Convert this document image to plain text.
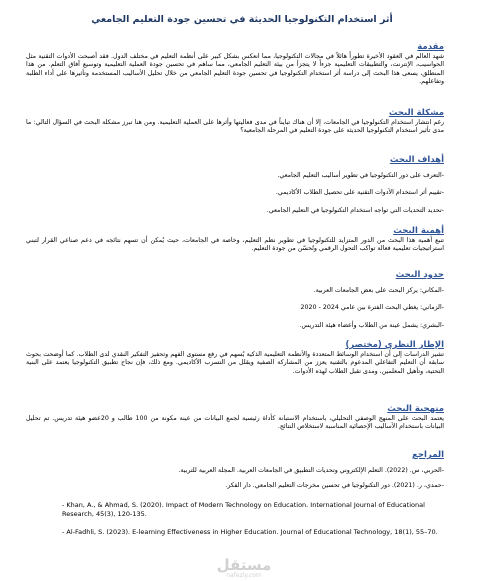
أثر استخدام التكنولوجيا الحديثة في تحسين جودة التعليم الجامعي
مقدمة

شهد العالم في العقود الأخيرة تطوراً هائلاً في مجالات التكنولوجيا، مما انعكس بشكل كبير على أنظمة التعليم في مختلف الدول. فقد أصبحت الأدوات التقنية مثل الحواسيب، الإنترنت، والتطبيقات التعليمية جزءاً لا يتجزأ من بيئة التعليم الجامعي، مما ساهم في تحسين جودة العملية التعليمية وتوسيع آفاق التعلم. من هذا المنطلق، يسعى هذا البحث إلى دراسة أثر استخدام التكنولوجيا في تحسين جودة التعليم الجامعي من خلال تحليل الأساليب المستخدمة وتأثيرها على أداء الطلبة وتفاعلهم.

مشكلة البحث

رغم انتشار استخدام التكنولوجيا في الجامعات، إلا أن هناك تبايناً في مدى فعاليتها وأثرها على العملية التعليمية. ومن هنا تبرز مشكلة البحث في السؤال التالي: ما مدى تأثير استخدام التكنولوجيا الحديثة على جودة التعليم في المرحلة الجامعية؟

أهداف البحث

-التعرف على دور التكنولوجيا في تطوير أساليب التعليم الجامعي.

-تقييم أثر استخدام الأدوات التقنية على تحصيل الطلاب الأكاديمي.

-تحديد التحديات التي تواجه استخدام التكنولوجيا في التعليم الجامعي.

أهمية البحث

تنبع أهمية هذا البحث من الدور المتزايد للتكنولوجيا في تطوير نظم التعليم، وخاصة في الجامعات، حيث يُمكن أن تسهم نتائجه في دعم صناعي القرار لتبني استراتيجيات تعليمية فعالة تواكب التحول الرقمي وتُحسّن من جودة التعليم.

حدود البحث

-المكاني: يركز البحث على بعض الجامعات العربية.

-الزماني: يغطي البحث الفترة بين عامي 2024 - 2020

-البشري: يشمل عينة من الطلاب وأعضاء هيئة التدريس.

الإطار النظري (مختصر)

تشير الدراسات إلى أن استخدام الوسائط المتعددة والأنظمة التعليمية الذكية يُسهم في رفع مستوى الفهم وتحفيز التفكير النقدي لدى الطلاب. كما أوضحت بحوث سابقة أن التعليم التفاعلي المدعوم بالتقنية يعزز من المشاركة الصفية ويقلل من التسرب الأكاديمي. ومع ذلك، فإن نجاح تطبيق التكنولوجيا يعتمد على البنية التحتية، وتأهيل المعلمين، ومدى تقبل الطلاب لهذه الأدوات.

منهجية البحث

يعتمد البحث على المنهج الوصفي التحليلي، باستخدام الاستبانة كأداة رئيسية لجمع البيانات من عينة مكونة من 100 طالب و 20عضو هيئة تدريس. تم تحليل البيانات باستخدام الأساليب الإحصائية المناسبة لاستخلاص النتائج.

المراجع

-الحربي، س. (2022). التعلم الإلكتروني وتحديات التطبيق في الجامعات العربية. المجلة العربية للتربية.

-حمدي، ر. (2021). دور التكنولوجيا في تحسين مخرجات التعليم الجامعي. دار الفكر.

- Khan, A., & Ahmad, S. (2020). Impact of Modern Technology on Education. International Journal of Educational Research, 45(3), 120-135.

- Al-Fadhli, S. (2023). E-learning Effectiveness in Higher Education. Journal of Educational Technology, 18(1), 55–70.

مستقل
nafezly.com
